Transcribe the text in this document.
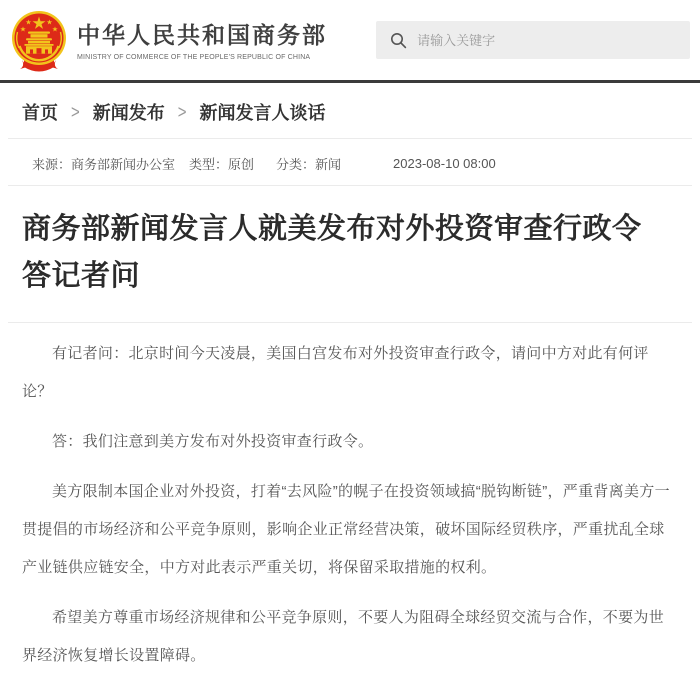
中华人民共和国商务部
MINISTRY OF COMMERCE OF THE PEOPLE'S REPUBLIC OF CHINA
请输入关键字
首页 > 新闻发布 > 新闻发言人谈话
来源：商务部新闻办公室 类型：原创 分类：新闻	2023-08-10 08:00
商务部新闻发言人就美发布对外投资审查行政令答记者问

有记者问：北京时间今天凌晨，美国白宫发布对外投资审查行政令，请问中方对此有何评论？

答：我们注意到美方发布对外投资审查行政令。

美方限制本国企业对外投资，打着“去风险”的幌子在投资领域搞“脱钩断链”，严重背离美方一贯提倡的市场经济和公平竞争原则，影响企业正常经营决策，破坏国际经贸秩序，严重扰乱全球产业链供应链安全，中方对此表示严重关切，将保留采取措施的权利。

希望美方尊重市场经济规律和公平竞争原则，不要人为阻碍全球经贸交流与合作，不要为世界经济恢复增长设置障碍。
